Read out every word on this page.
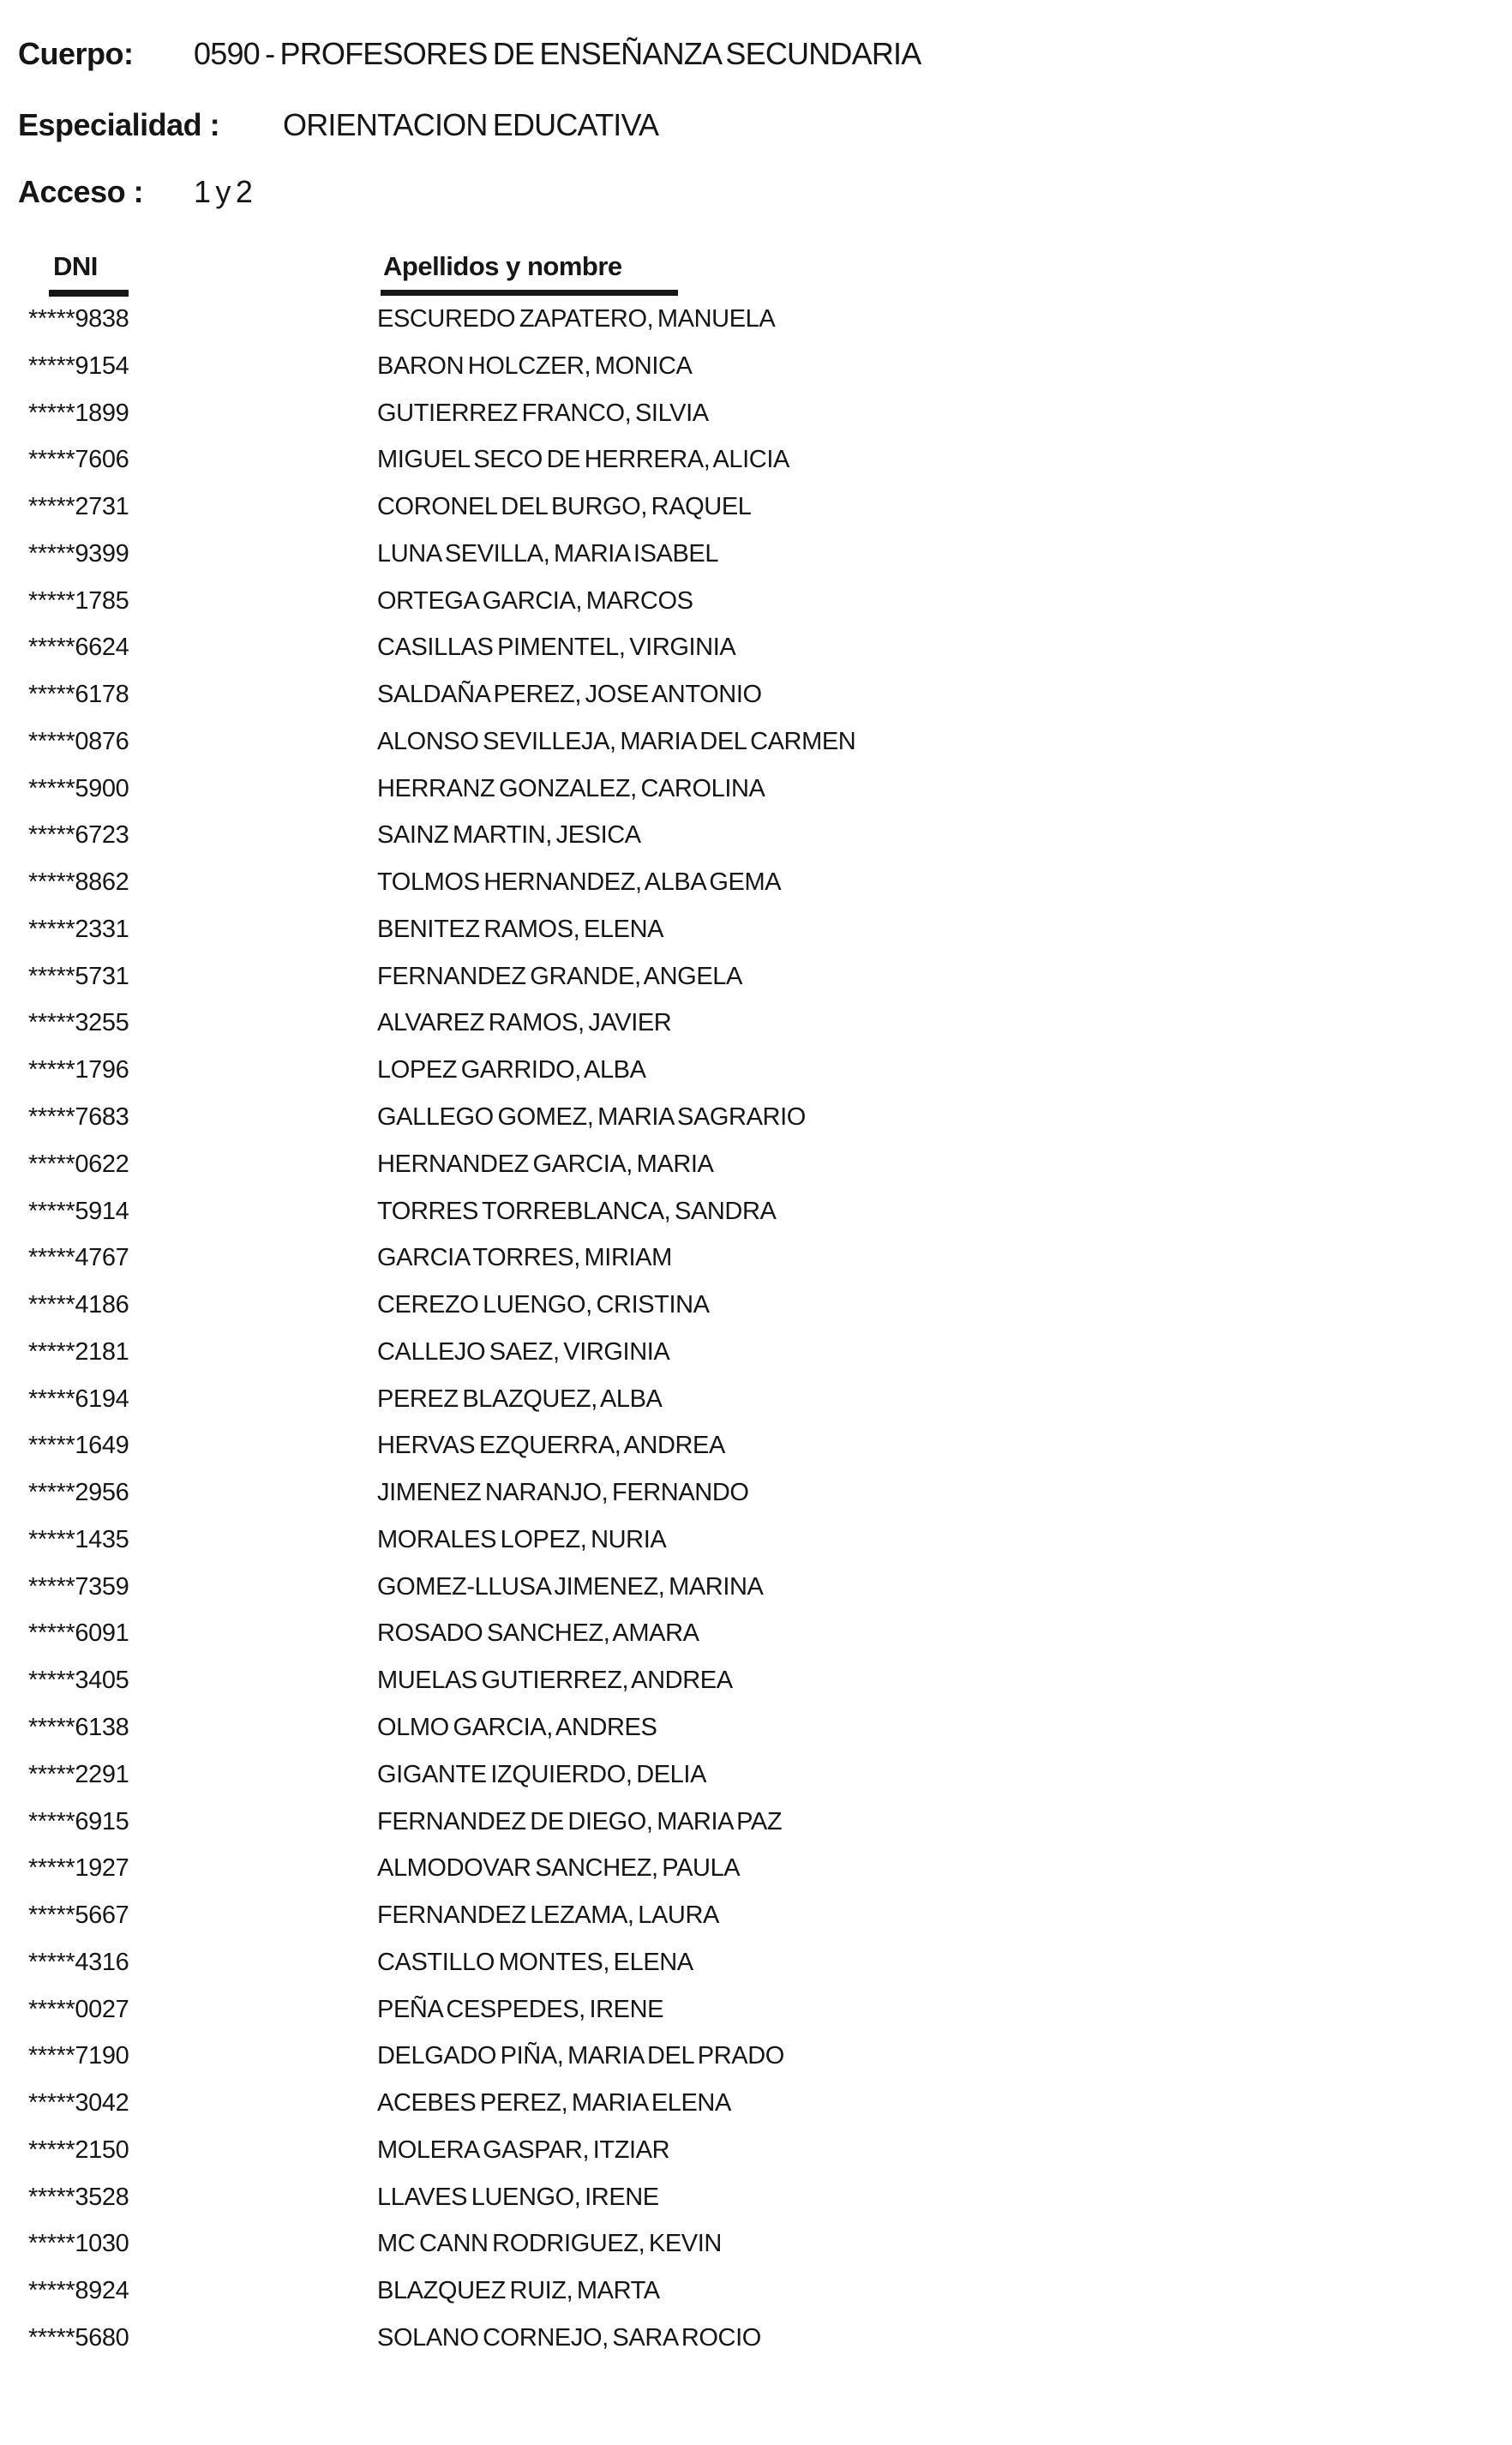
Cuerpo: 0590 - PROFESORES DE ENSEÑANZA SECUNDARIA
Especialidad : ORIENTACION EDUCATIVA
Acceso : 1 y 2
DNI	Apellidos y nombre
*****9838	ESCUREDO ZAPATERO, MANUELA
*****9154	BARON HOLCZER, MONICA
*****1899	GUTIERREZ FRANCO, SILVIA
*****7606	MIGUEL SECO DE HERRERA, ALICIA
*****2731	CORONEL DEL BURGO, RAQUEL
*****9399	LUNA SEVILLA, MARIA ISABEL
*****1785	ORTEGA GARCIA, MARCOS
*****6624	CASILLAS PIMENTEL, VIRGINIA
*****6178	SALDAÑA PEREZ, JOSE ANTONIO
*****0876	ALONSO SEVILLEJA, MARIA DEL CARMEN
*****5900	HERRANZ GONZALEZ, CAROLINA
*****6723	SAINZ MARTIN, JESICA
*****8862	TOLMOS HERNANDEZ, ALBA GEMA
*****2331	BENITEZ RAMOS, ELENA
*****5731	FERNANDEZ GRANDE, ANGELA
*****3255	ALVAREZ RAMOS, JAVIER
*****1796	LOPEZ GARRIDO, ALBA
*****7683	GALLEGO GOMEZ, MARIA SAGRARIO
*****0622	HERNANDEZ GARCIA, MARIA
*****5914	TORRES TORREBLANCA, SANDRA
*****4767	GARCIA TORRES, MIRIAM
*****4186	CEREZO LUENGO, CRISTINA
*****2181	CALLEJO SAEZ, VIRGINIA
*****6194	PEREZ BLAZQUEZ, ALBA
*****1649	HERVAS EZQUERRA, ANDREA
*****2956	JIMENEZ NARANJO, FERNANDO
*****1435	MORALES LOPEZ, NURIA
*****7359	GOMEZ-LLUSA JIMENEZ, MARINA
*****6091	ROSADO SANCHEZ, AMARA
*****3405	MUELAS GUTIERREZ, ANDREA
*****6138	OLMO GARCIA, ANDRES
*****2291	GIGANTE IZQUIERDO, DELIA
*****6915	FERNANDEZ DE DIEGO, MARIA PAZ
*****1927	ALMODOVAR SANCHEZ, PAULA
*****5667	FERNANDEZ LEZAMA, LAURA
*****4316	CASTILLO MONTES, ELENA
*****0027	PEÑA CESPEDES, IRENE
*****7190	DELGADO PIÑA, MARIA DEL PRADO
*****3042	ACEBES PEREZ, MARIA ELENA
*****2150	MOLERA GASPAR, ITZIAR
*****3528	LLAVES LUENGO, IRENE
*****1030	MC CANN RODRIGUEZ, KEVIN
*****8924	BLAZQUEZ RUIZ, MARTA
*****5680	SOLANO CORNEJO, SARA ROCIO
